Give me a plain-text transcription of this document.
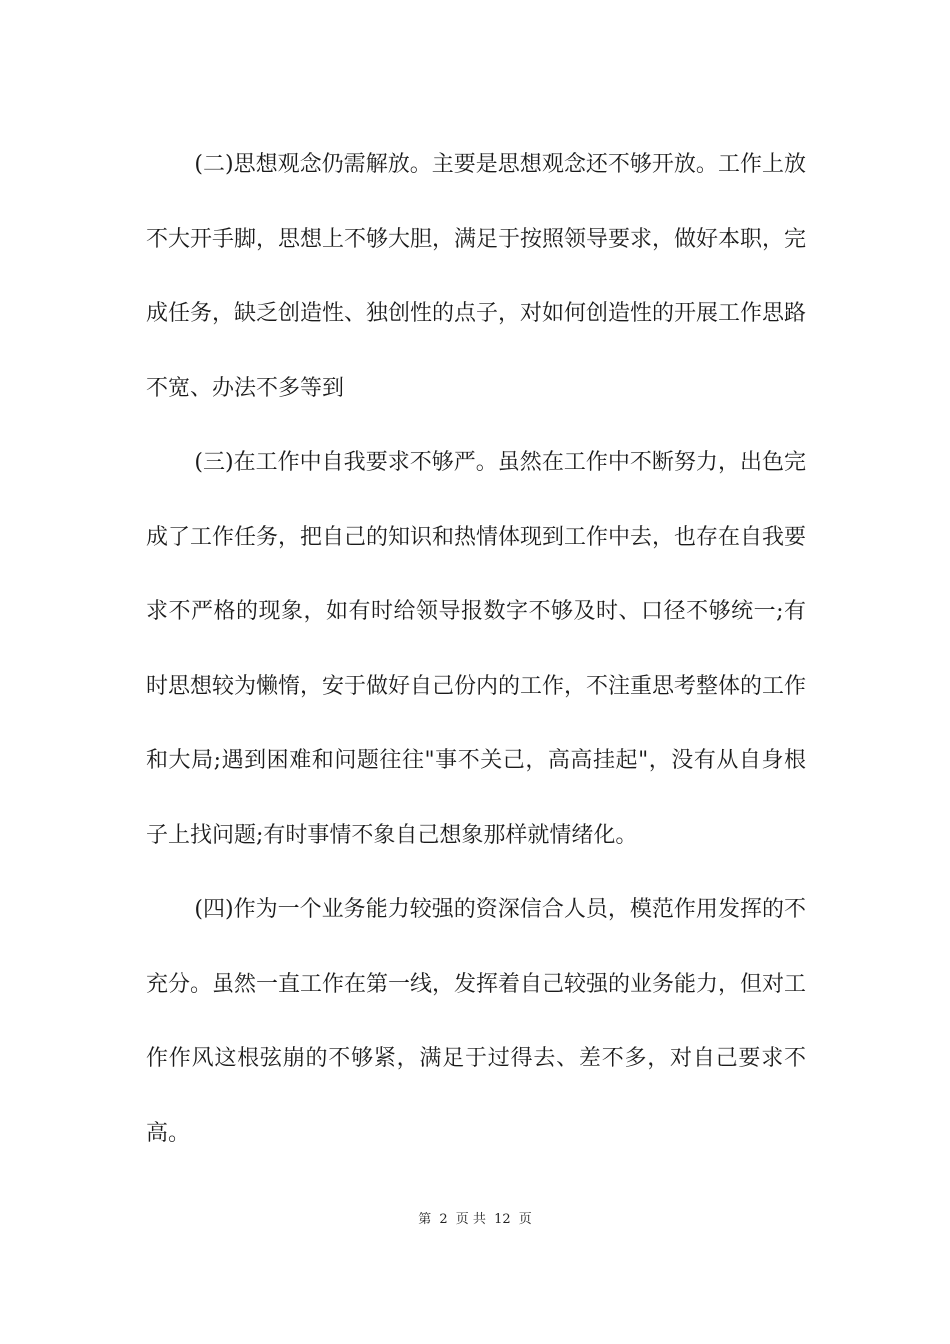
(二)思想观念仍需解放。主要是思想观念还不够开放。工作上放不大开手脚，思想上不够大胆，满足于按照领导要求，做好本职，完成任务，缺乏创造性、独创性的点子，对如何创造性的开展工作思路不宽、办法不多等到

(三)在工作中自我要求不够严。虽然在工作中不断努力，出色完成了工作任务，把自己的知识和热情体现到工作中去，也存在自我要求不严格的现象，如有时给领导报数字不够及时、口径不够统一;有时思想较为懒惰，安于做好自己份内的工作，不注重思考整体的工作和大局;遇到困难和问题往往"事不关己，高高挂起"，没有从自身根子上找问题;有时事情不象自己想象那样就情绪化。

(四)作为一个业务能力较强的资深信合人员，模范作用发挥的不充分。虽然一直工作在第一线，发挥着自己较强的业务能力，但对工作作风这根弦崩的不够紧，满足于过得去、差不多，对自己要求不高。

第 2 页 共 12 页
